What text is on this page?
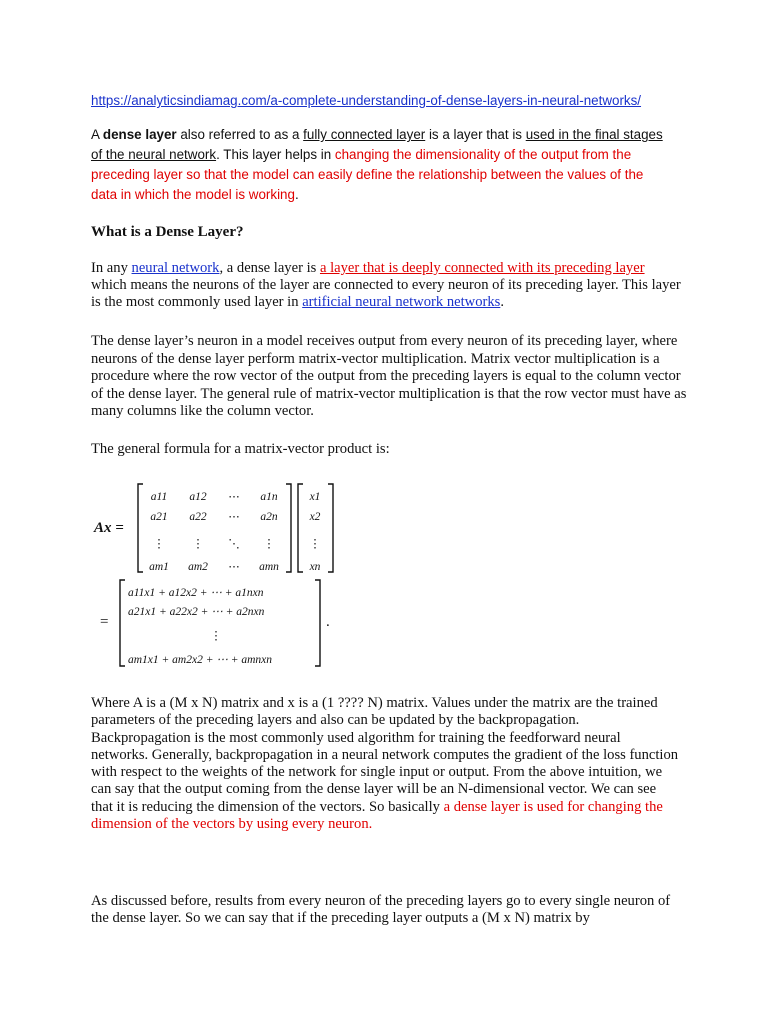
https://analyticsindiamag.com/a-complete-understanding-of-dense-layers-in-neural-networks/
A dense layer also referred to as a fully connected layer is a layer that is used in the final stages of the neural network. This layer helps in changing the dimensionality of the output from the preceding layer so that the model can easily define the relationship between the values of the data in which the model is working.
What is a Dense Layer?
In any neural network, a dense layer is a layer that is deeply connected with its preceding layer which means the neurons of the layer are connected to every neuron of its preceding layer. This layer is the most commonly used layer in artificial neural network networks.
The dense layer’s neuron in a model receives output from every neuron of its preceding layer, where neurons of the dense layer perform matrix-vector multiplication. Matrix vector multiplication is a procedure where the row vector of the output from the preceding layers is equal to the column vector of the dense layer. The general rule of matrix-vector multiplication is that the row vector must have as many columns like the column vector.
The general formula for a matrix-vector product is:
Ax =
a11 a12 ⋯ a1n
a21 a22 ⋯ a2n
⋮ ⋮ ⋱ ⋮
am1 am2 ⋯ amn
x1
x2
⋮
xn
=
a11x1 + a12x2 + ⋯ + a1nxn
a21x1 + a22x2 + ⋯ + a2nxn
⋮
am1x1 + am2x2 + ⋯ + amnxn
.
Where A is a (M x N) matrix and x is a (1 ???? N) matrix. Values under the matrix are the trained parameters of the preceding layers and also can be updated by the backpropagation. Backpropagation is the most commonly used algorithm for training the feedforward neural networks. Generally, backpropagation in a neural network computes the gradient of the loss function with respect to the weights of the network for single input or output. From the above intuition, we can say that the output coming from the dense layer will be an N-dimensional vector. We can see that it is reducing the dimension of the vectors. So basically a dense layer is used for changing the dimension of the vectors by using every neuron.
As discussed before, results from every neuron of the preceding layers go to every single neuron of the dense layer. So we can say that if the preceding layer outputs a (M x N) matrix by
